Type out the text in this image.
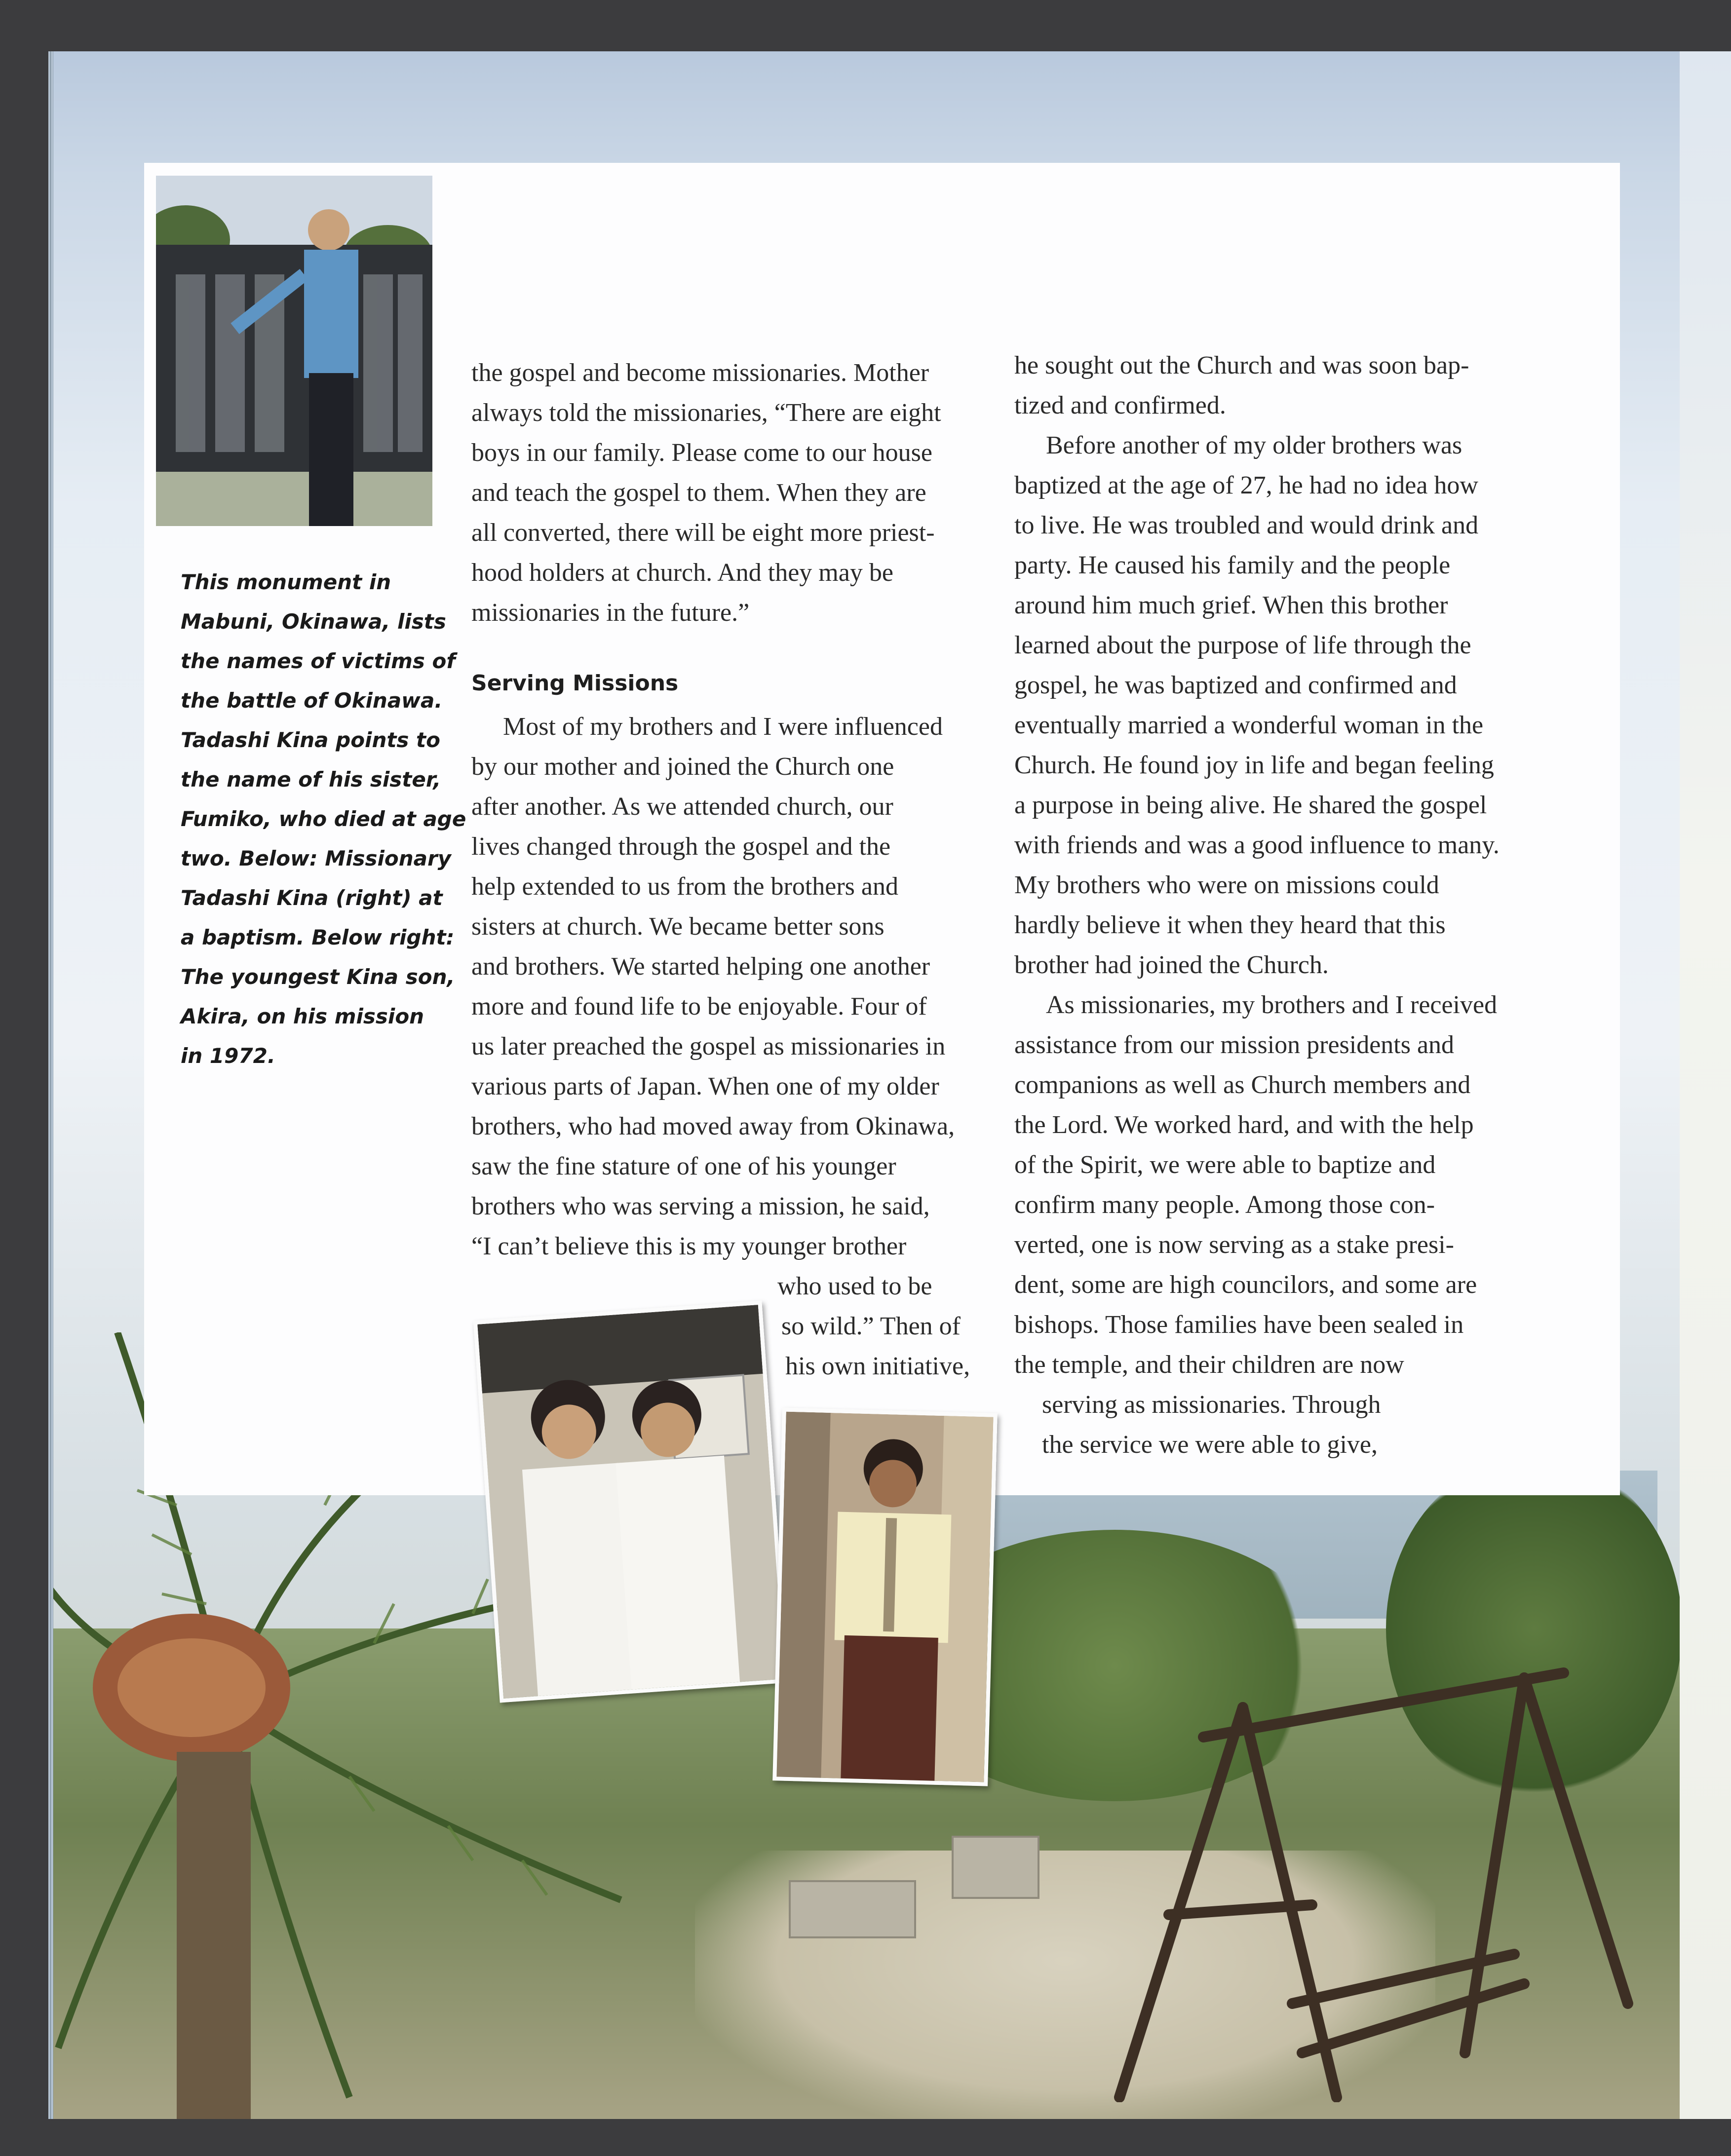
This monument in
Mabuni, Okinawa, lists
the names of victims of
the battle of Okinawa.
Tadashi Kina points to
the name of his sister,
Fumiko, who died at age
two. Below: Missionary
Tadashi Kina (right) at
a baptism. Below right:
The youngest Kina son,
Akira, on his mission
in 1972.

the gospel and become missionaries. Mother
always told the missionaries, “There are eight
boys in our family. Please come to our house
and teach the gospel to them. When they are
all converted, there will be eight more priest-
hood holders at church. And they may be
missionaries in the future.”

Serving Missions

Most of my brothers and I were influenced
by our mother and joined the Church one
after another. As we attended church, our
lives changed through the gospel and the
help extended to us from the brothers and
sisters at church. We became better sons
and brothers. We started helping one another
more and found life to be enjoyable. Four of
us later preached the gospel as missionaries in
various parts of Japan. When one of my older
brothers, who had moved away from Okinawa,
saw the fine stature of one of his younger
brothers who was serving a mission, he said,
“I can’t believe this is my younger brother
who used to be
so wild.” Then of
his own initiative,

he sought out the Church and was soon bap-
tized and confirmed.

Before another of my older brothers was
baptized at the age of 27, he had no idea how
to live. He was troubled and would drink and
party. He caused his family and the people
around him much grief. When this brother
learned about the purpose of life through the
gospel, he was baptized and confirmed and
eventually married a wonderful woman in the
Church. He found joy in life and began feeling
a purpose in being alive. He shared the gospel
with friends and was a good influence to many.
My brothers who were on missions could
hardly believe it when they heard that this
brother had joined the Church.

As missionaries, my brothers and I received
assistance from our mission presidents and
companions as well as Church members and
the Lord. We worked hard, and with the help
of the Spirit, we were able to baptize and
confirm many people. Among those con-
verted, one is now serving as a stake presi-
dent, some are high councilors, and some are
bishops. Those families have been sealed in
the temple, and their children are now
serving as missionaries. Through
the service we were able to give,
